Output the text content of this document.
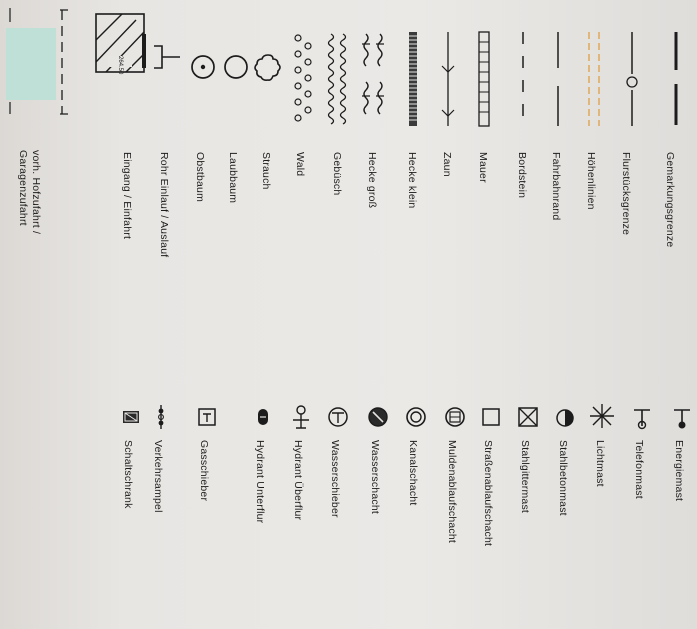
Gemarkungsgrenze
Flurstücksgrenze
Höhenlinien
Fahrbahnrand
Bordstein
Mauer
Zaun
Hecke klein
Hecke groß
Gebüsch
Wald
Strauch
Laubbaum
Obstbaum
Rohr Einlauf / Auslauf
264.50
Eingang / Einfahrt
vorh. Hofzufahrt / Garagenzufahrt
Energiemast
Telefonmast
Lichtmast
Stahlbetonmast
Stahlgittermast
Straßenablaufschacht
Muldenablaufschacht
Kanalschacht
Wasserschacht
Wasserschieber
Hydrant Überflur
Hydrant Unterflur
Gasschieber
Verkehrsampel
Schaltschrank
